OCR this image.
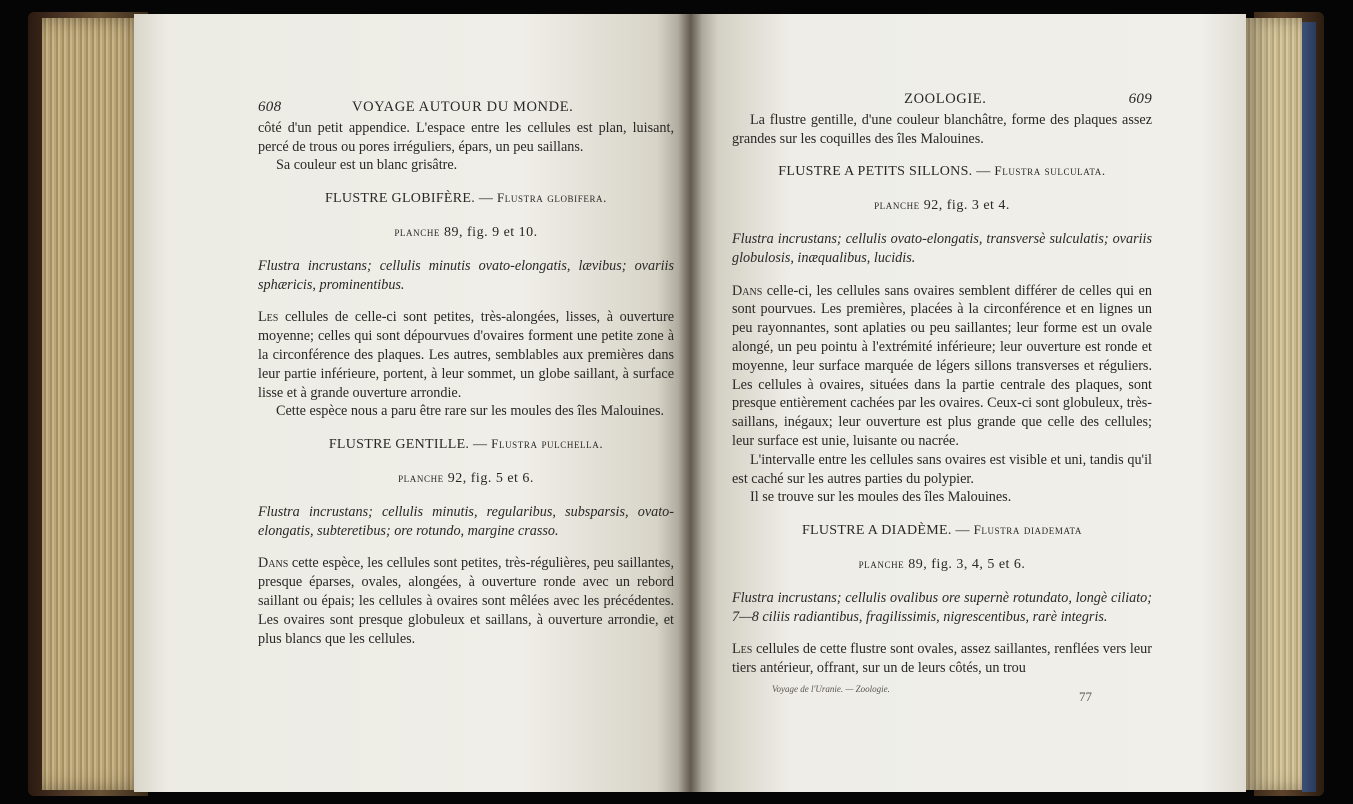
608	VOYAGE AUTOUR DU MONDE.
côté d'un petit appendice. L'espace entre les cellules est plan, luisant, percé de trous ou pores irréguliers, épars, un peu saillans.
Sa couleur est un blanc grisâtre.
FLUSTRE GLOBIFÈRE. — Flustra globifera.
planche 89, fig. 9 et 10.
Flustra incrustans; cellulis minutis ovato-elongatis, lævibus; ovariis sphæricis, prominentibus.
Les cellules de celle-ci sont petites, très-alongées, lisses, à ouverture moyenne; celles qui sont dépourvues d'ovaires forment une petite zone à la circonférence des plaques. Les autres, semblables aux premières dans leur partie inférieure, portent, à leur sommet, un globe saillant, à surface lisse et à grande ouverture arrondie.
Cette espèce nous a paru être rare sur les moules des îles Malouines.
FLUSTRE GENTILLE. — Flustra pulchella.
planche 92, fig. 5 et 6.
Flustra incrustans; cellulis minutis, regularibus, subsparsis, ovato-elongatis, subteretibus; ore rotundo, margine crasso.
Dans cette espèce, les cellules sont petites, très-régulières, peu saillantes, presque éparses, ovales, alongées, à ouverture ronde avec un rebord saillant ou épais; les cellules à ovaires sont mêlées avec les précédentes. Les ovaires sont presque globuleux et saillans, à ouverture arrondie, et plus blancs que les cellules.
ZOOLOGIE.	609
La flustre gentille, d'une couleur blanchâtre, forme des plaques assez grandes sur les coquilles des îles Malouines.
FLUSTRE A PETITS SILLONS. — Flustra sulculata.
planche 92, fig. 3 et 4.
Flustra incrustans; cellulis ovato-elongatis, transversè sulculatis; ovariis globulosis, inæqualibus, lucidis.
Dans celle-ci, les cellules sans ovaires semblent différer de celles qui en sont pourvues. Les premières, placées à la circonférence et en lignes un peu rayonnantes, sont aplaties ou peu saillantes; leur forme est un ovale alongé, un peu pointu à l'extrémité inférieure; leur ouverture est ronde et moyenne, leur surface marquée de légers sillons transverses et réguliers. Les cellules à ovaires, situées dans la partie centrale des plaques, sont presque entièrement cachées par les ovaires. Ceux-ci sont globuleux, très-saillans, inégaux; leur ouverture est plus grande que celle des cellules; leur surface est unie, luisante ou nacrée.
L'intervalle entre les cellules sans ovaires est visible et uni, tandis qu'il est caché sur les autres parties du polypier.
Il se trouve sur les moules des îles Malouines.
FLUSTRE A DIADÈME. — Flustra diademata
planche 89, fig. 3, 4, 5 et 6.
Flustra incrustans; cellulis ovalibus ore supernè rotundato, longè ciliato; 7—8 ciliis radiantibus, fragilissimis, nigrescentibus, rarè integris.
Les cellules de cette flustre sont ovales, assez saillantes, renflées vers leur tiers antérieur, offrant, sur un de leurs côtés, un trou
Voyage de l'Uranie. — Zoologie.	77
